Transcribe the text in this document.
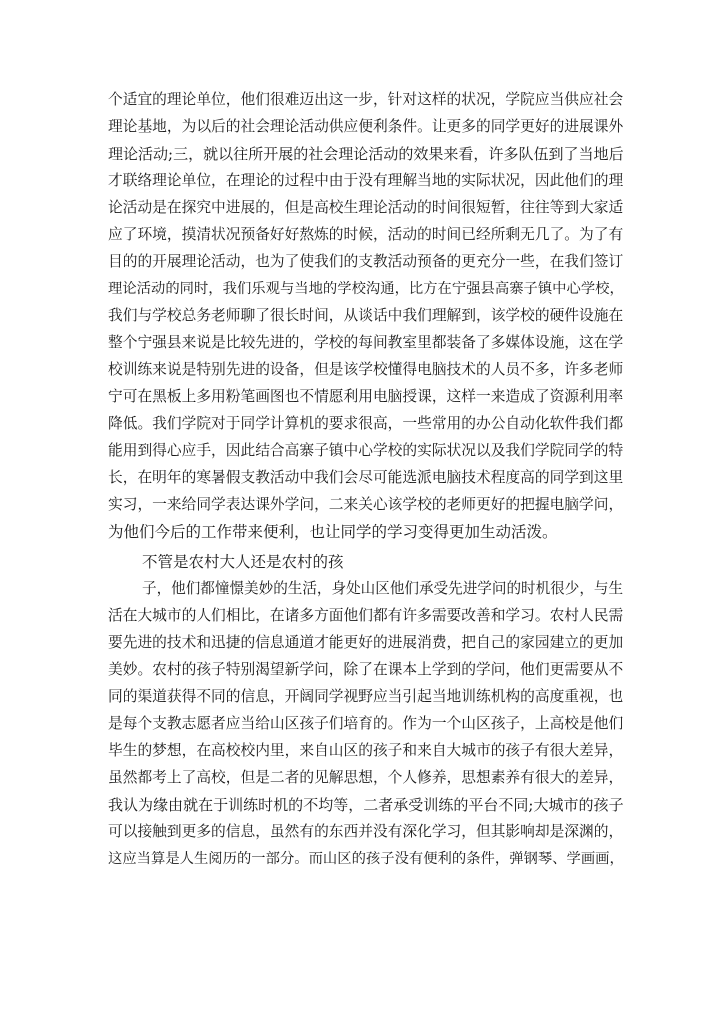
个适宜的理论单位，他们很难迈出这一步，针对这样的状况，学院应当供应社会
理论基地，为以后的社会理论活动供应便利条件。让更多的同学更好的进展课外
理论活动;三，就以往所开展的社会理论活动的效果来看，许多队伍到了当地后
才联络理论单位，在理论的过程中由于没有理解当地的实际状况，因此他们的理
论活动是在探究中进展的，但是高校生理论活动的时间很短暂，往往等到大家适
应了环境，摸清状况预备好好熬炼的时候，活动的时间已经所剩无几了。为了有
目的的开展理论活动，也为了使我们的支教活动预备的更充分一些，在我们签订
理论活动的同时，我们乐观与当地的学校沟通，比方在宁强县高寨子镇中心学校，
我们与学校总务老师聊了很长时间，从谈话中我们理解到，该学校的硬件设施在
整个宁强县来说是比较先进的，学校的每间教室里都装备了多媒体设施，这在学
校训练来说是特别先进的设备，但是该学校懂得电脑技术的人员不多，许多老师
宁可在黑板上多用粉笔画图也不情愿利用电脑授课，这样一来造成了资源利用率
降低。我们学院对于同学计算机的要求很高，一些常用的办公自动化软件我们都
能用到得心应手，因此结合高寨子镇中心学校的实际状况以及我们学院同学的特
长，在明年的寒暑假支教活动中我们会尽可能选派电脑技术程度高的同学到这里
实习，一来给同学表达课外学问，二来关心该学校的老师更好的把握电脑学问，
为他们今后的工作带来便利，也让同学的学习变得更加生动活泼。
不管是农村大人还是农村的孩
子，他们都憧憬美妙的生活，身处山区他们承受先进学问的时机很少，与生
活在大城市的人们相比，在诸多方面他们都有许多需要改善和学习。农村人民需
要先进的技术和迅捷的信息通道才能更好的进展消费，把自己的家园建立的更加
美妙。农村的孩子特别渴望新学问，除了在课本上学到的学问，他们更需要从不
同的渠道获得不同的信息，开阔同学视野应当引起当地训练机构的高度重视，也
是每个支教志愿者应当给山区孩子们培育的。作为一个山区孩子，上高校是他们
毕生的梦想，在高校校内里，来自山区的孩子和来自大城市的孩子有很大差异，
虽然都考上了高校，但是二者的见解思想，个人修养，思想素养有很大的差异，
我认为缘由就在于训练时机的不均等，二者承受训练的平台不同;大城市的孩子
可以接触到更多的信息，虽然有的东西并没有深化学习，但其影响却是深渊的，
这应当算是人生阅历的一部分。而山区的孩子没有便利的条件，弹钢琴、学画画，
